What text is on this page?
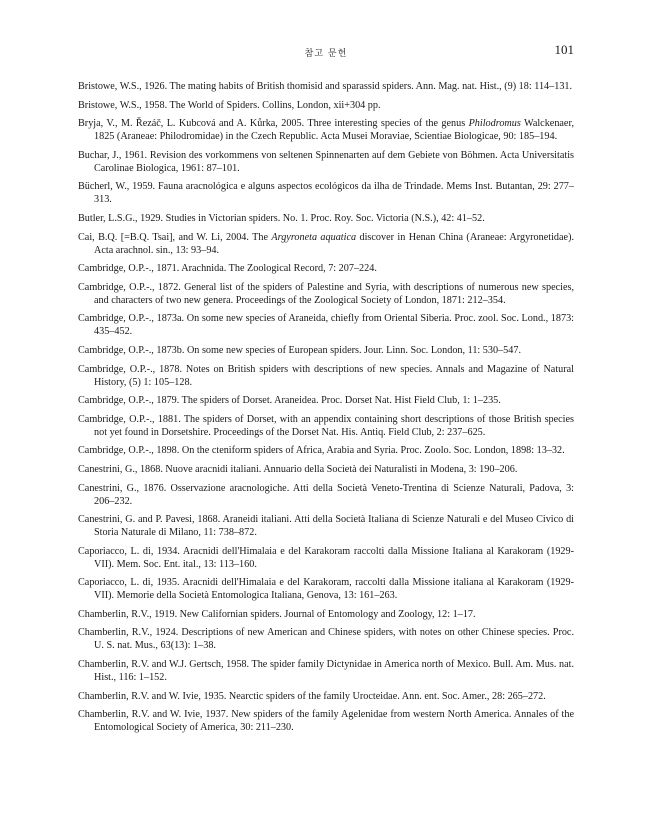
참고 문헌	101
Bristowe, W.S., 1926. The mating habits of British thomisid and sparassid spiders. Ann. Mag. nat. Hist., (9) 18: 114–131.
Bristowe, W.S., 1958. The World of Spiders. Collins, London, xii+304 pp.
Bryja, V., M. Řezáč, L. Kubcová and A. Kůrka, 2005. Three interesting species of the genus Philodromus Walckenaer, 1825 (Araneae: Philodromidae) in the Czech Republic. Acta Musei Moraviae, Scientiae Biologicae, 90: 185–194.
Buchar, J., 1961. Revision des vorkommens von seltenen Spinnenarten auf dem Gebiete von Böhmen. Acta Universitatis Carolinae Biologica, 1961: 87–101.
Bücherl, W., 1959. Fauna aracnológica e alguns aspectos ecológicos da ilha de Trindade. Mems Inst. Butantan, 29: 277–313.
Butler, L.S.G., 1929. Studies in Victorian spiders. No. 1. Proc. Roy. Soc. Victoria (N.S.), 42: 41–52.
Cai, B.Q. [=B.Q. Tsai], and W. Li, 2004. The Argyroneta aquatica discover in Henan China (Araneae: Argyronetidae). Acta arachnol. sin., 13: 93–94.
Cambridge, O.P.-., 1871. Arachnida. The Zoological Record, 7: 207–224.
Cambridge, O.P.-., 1872. General list of the spiders of Palestine and Syria, with descriptions of numerous new species, and characters of two new genera. Proceedings of the Zoological Society of London, 1871: 212–354.
Cambridge, O.P.-., 1873a. On some new species of Araneida, chiefly from Oriental Siberia. Proc. zool. Soc. Lond., 1873: 435–452.
Cambridge, O.P.-., 1873b. On some new species of European spiders. Jour. Linn. Soc. London, 11: 530–547.
Cambridge, O.P.-., 1878. Notes on British spiders with descriptions of new species. Annals and Magazine of Natural History, (5) 1: 105–128.
Cambridge, O.P.-., 1879. The spiders of Dorset. Araneidea. Proc. Dorset Nat. Hist Field Club, 1: 1–235.
Cambridge, O.P.-., 1881. The spiders of Dorset, with an appendix containing short descriptions of those British species not yet found in Dorsetshire. Proceedings of the Dorset Nat. His. Antiq. Field Club, 2: 237–625.
Cambridge, O.P.-., 1898. On the cteniform spiders of Africa, Arabia and Syria. Proc. Zoolo. Soc. London, 1898: 13–32.
Canestrini, G., 1868. Nuove aracnidi italiani. Annuario della Società dei Naturalisti in Modena, 3: 190–206.
Canestrini, G., 1876. Osservazione aracnologiche. Atti della Società Veneto-Trentina di Scienze Naturali, Padova, 3: 206–232.
Canestrini, G. and P. Pavesi, 1868. Araneidi italiani. Atti della Società Italiana di Scienze Naturali e del Museo Civico di Storia Naturale di Milano, 11: 738–872.
Caporiacco, L. di, 1934. Aracnidi dell'Himalaia e del Karakoram raccolti dalla Missione Italiana al Karakoram (1929-VII). Mem. Soc. Ent. ital., 13: 113–160.
Caporiacco, L. di, 1935. Aracnidi dell'Himalaia e del Karakoram, raccolti dalla Missione italiana al Karakoram (1929-VII). Memorie della Società Entomologica Italiana, Genova, 13: 161–263.
Chamberlin, R.V., 1919. New Californian spiders. Journal of Entomology and Zoology, 12: 1–17.
Chamberlin, R.V., 1924. Descriptions of new American and Chinese spiders, with notes on other Chinese species. Proc. U. S. nat. Mus., 63(13): 1–38.
Chamberlin, R.V. and W.J. Gertsch, 1958. The spider family Dictynidae in America north of Mexico. Bull. Am. Mus. nat. Hist., 116: 1–152.
Chamberlin, R.V. and W. Ivie, 1935. Nearctic spiders of the family Urocteidae. Ann. ent. Soc. Amer., 28: 265–272.
Chamberlin, R.V. and W. Ivie, 1937. New spiders of the family Agelenidae from western North America. Annales of the Entomological Society of America, 30: 211–230.
